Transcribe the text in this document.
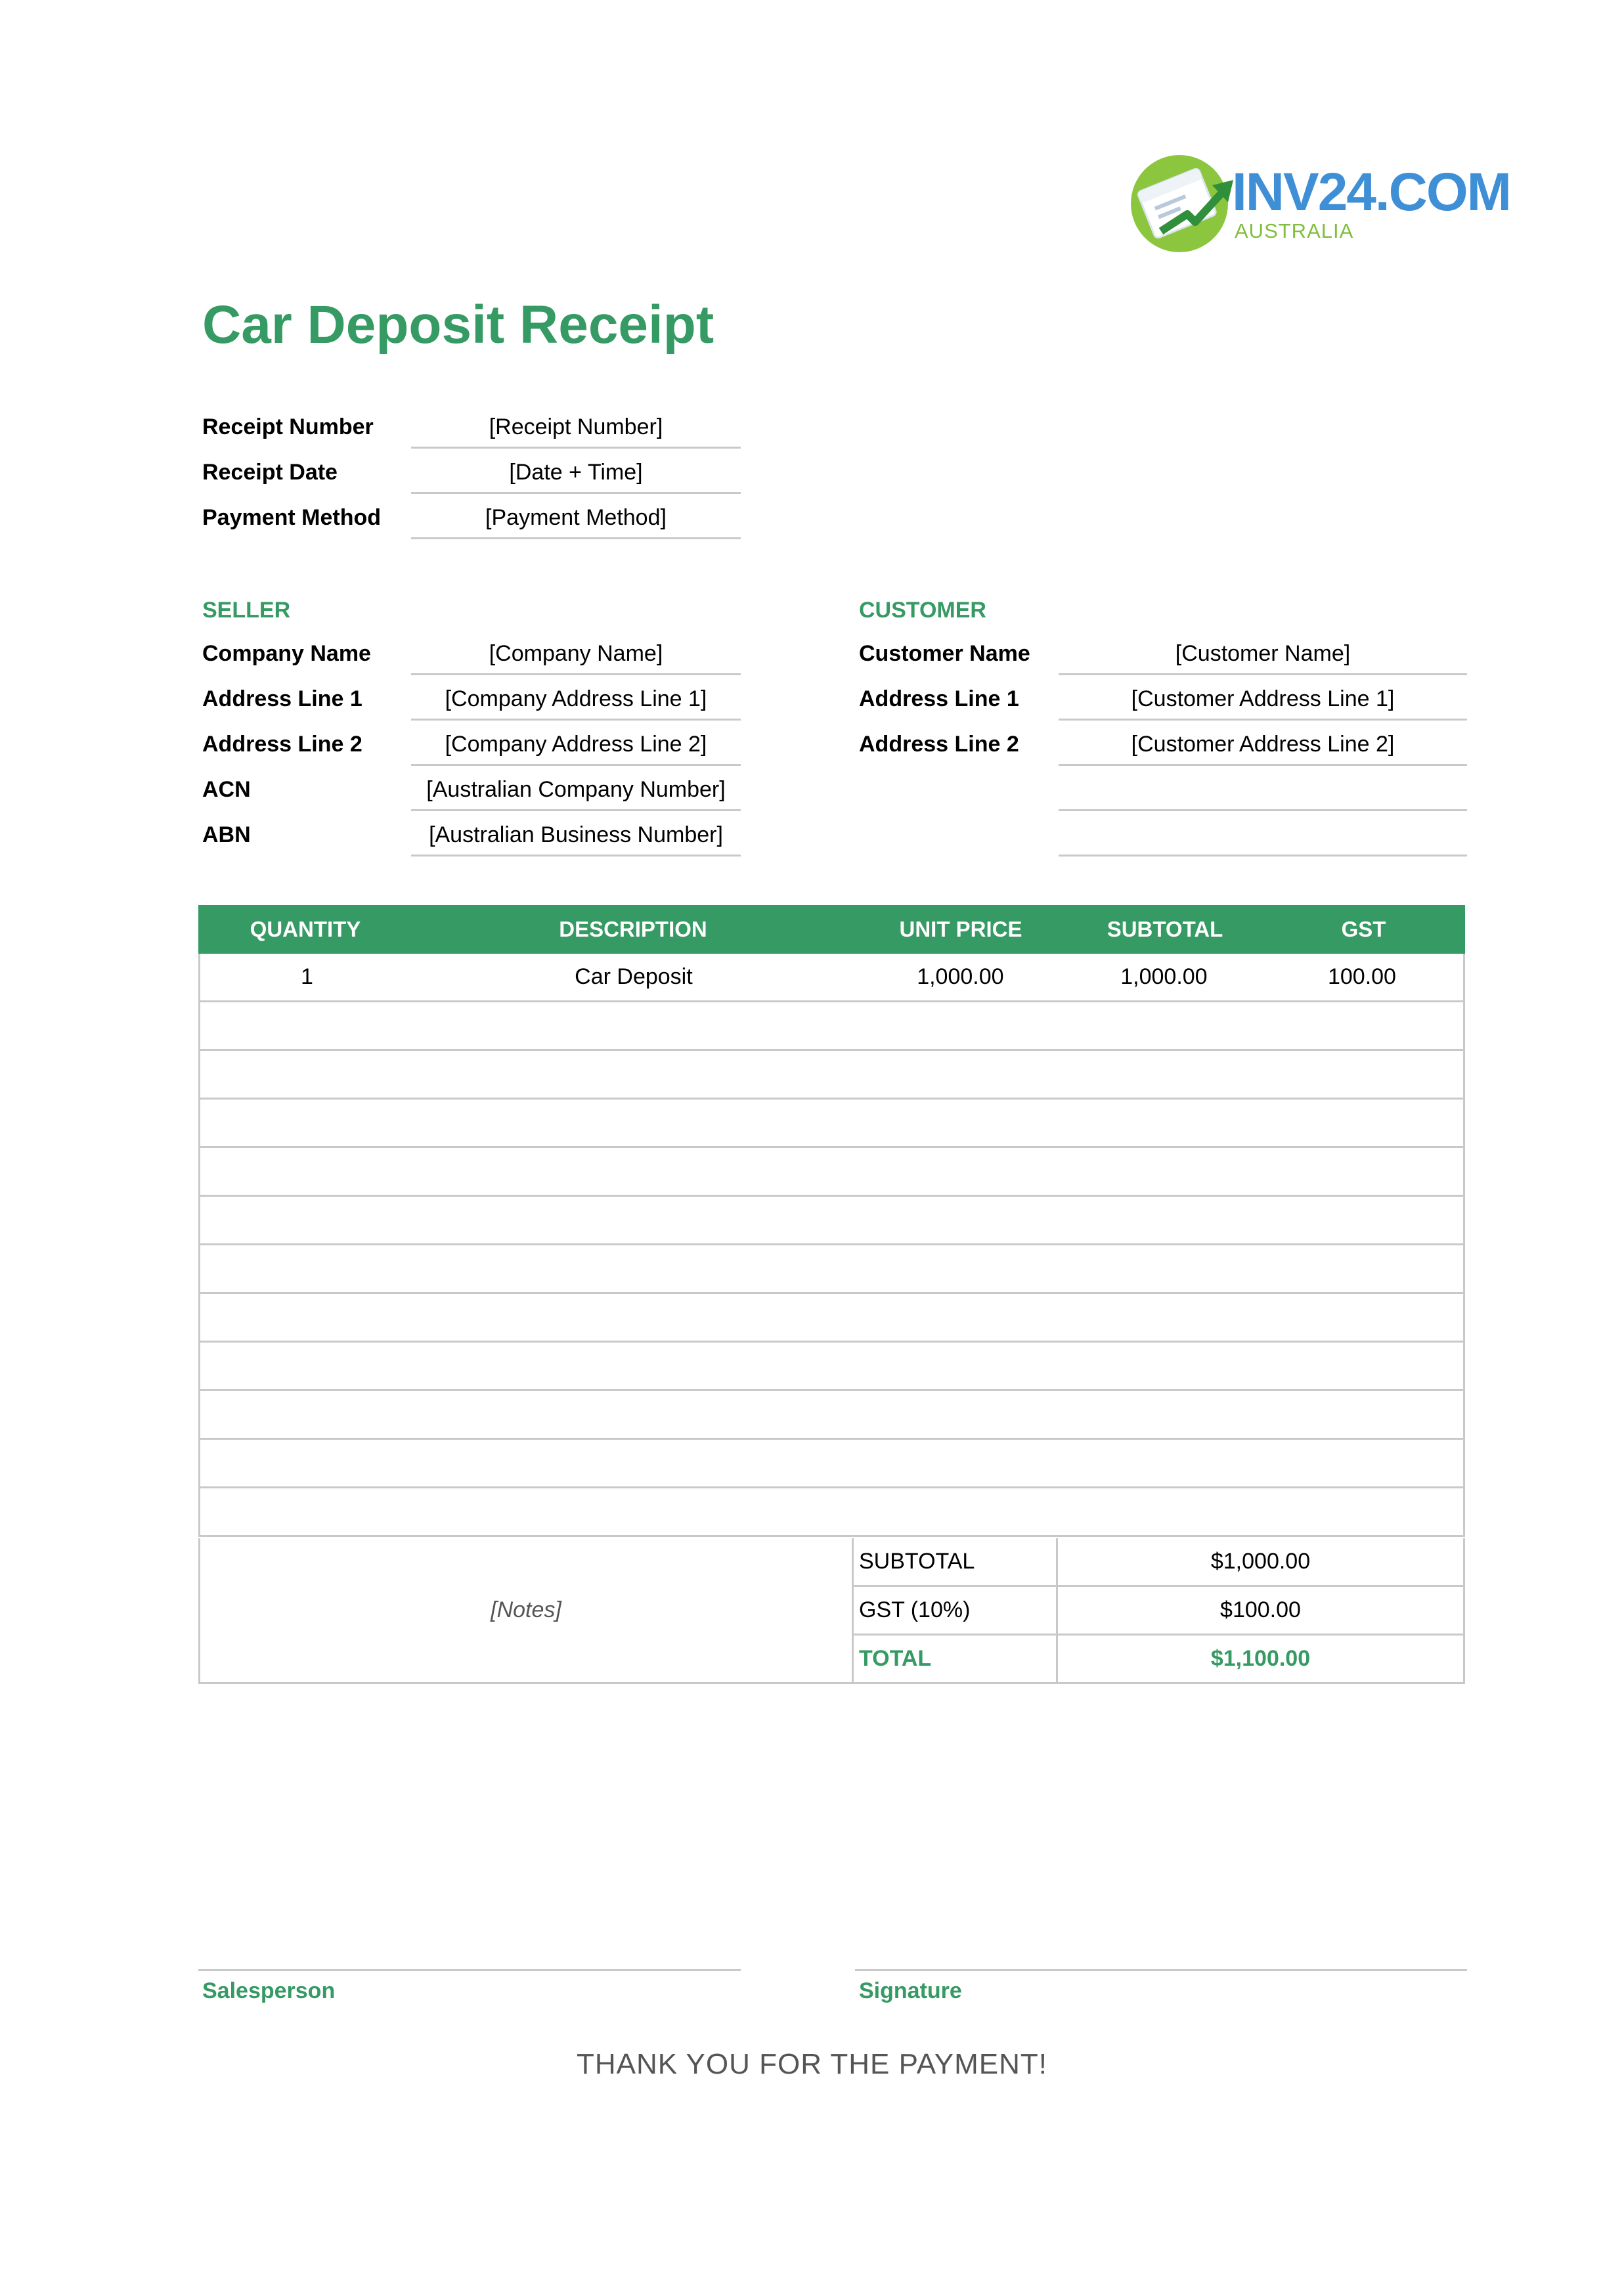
INV24.COM
AUSTRALIA
Car Deposit Receipt
Receipt Number	[Receipt Number]
Receipt Date	[Date + Time]
Payment Method	[Payment Method]
SELLER
Company Name	[Company Name]
Address Line 1	[Company Address Line 1]
Address Line 2	[Company Address Line 2]
ACN	[Australian Company Number]
ABN	[Australian Business Number]
CUSTOMER
Customer Name	[Customer Name]
Address Line 1	[Customer Address Line 1]
Address Line 2	[Customer Address Line 2]
QUANTITY	DESCRIPTION	UNIT PRICE	SUBTOTAL	GST
1	Car Deposit	1,000.00	1,000.00	100.00
[Notes]
SUBTOTAL	$1,000.00
GST (10%)	$100.00
TOTAL	$1,100.00
Salesperson	Signature
THANK YOU FOR THE PAYMENT!
